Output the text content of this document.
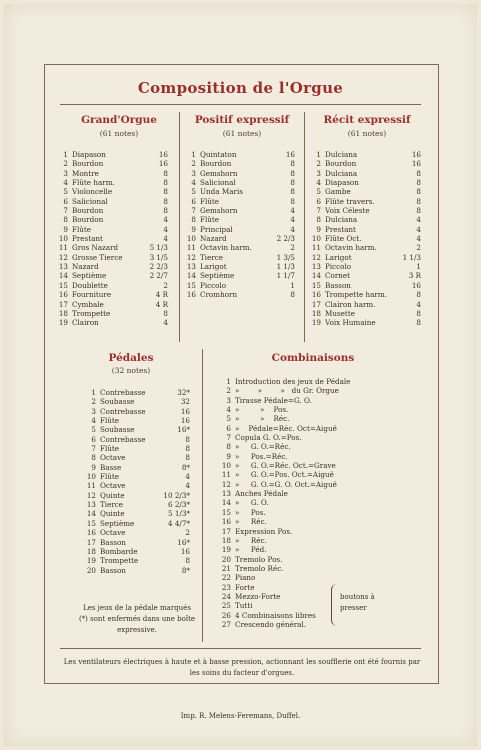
Composition de l'Orgue
Grand'Orgue
(61 notes)
1 Diapason	16
2 Bourdon	16
3 Montre	8
4 Flûte harm.	8
5 Violoncelle	8
6 Salicional	8
7 Bourdon	8
8 Bourdon	4
9 Flûte	4
10 Prestant	4
11 Gros Nazard	5 1/3
12 Grosse Tierce	3 1/5
13 Nazard	2 2/3
14 Septième	2 2/7
15 Doublette	2
16 Fourniture	4 R
17 Cymbale	4 R
18 Trompette	8
19 Clairon	4
Positif expressif
(61 notes)
1 Quintaton	16
2 Bourdon	8
3 Gemshorn	8
4 Salicional	8
5 Unda Maris	8
6 Flûte	8
7 Gemshorn	4
8 Flûte	4
9 Principal	4
10 Nazard	2 2/3
11 Octavin harm.	2
12 Tierce	1 3/5
13 Larigot	1 1/3
14 Septième	1 1/7
15 Piccolo	1
16 Cromhorn	8
Récit expressif
(61 notes)
1 Dulciana	16
2 Bourdon	16
3 Dulciana	8
4 Diapason	8
5 Gambe	8
6 Flûte travers.	8
7 Voix Céleste	8
8 Dulciana	4
9 Prestant	4
10 Flûte Oct.	4
11 Octavin harm.	2
12 Larigot	1 1/3
13 Piccolo	1
14 Cornet	3 R
15 Basson	16
16 Trompette harm.	8
17 Clairon harm.	4
18 Musette	8
19 Voix Humaine	8
Pédales
(32 notes)
1 Contrebasse	32*
2 Soubasse	32
3 Contrebasse	16
4 Flûte	16
5 Soubasse	16*
6 Contrebasse	8
7 Flûte	8
8 Octave	8
9 Basse	8*
10 Flûte	4
11 Octave	4
12 Quinte	10 2/3*
13 Tierce	6 2/3*
14 Quinte	5 1/3*
15 Septième	4 4/7*
16 Octave	2
17 Basson	16*
18 Bombarde	16
19 Trompette	8
20 Basson	8*
Les jeux de la pédale marqués (*) sont enfermés dans une boîte expressive.
Combinaisons
1 Introduction des jeux de Pédale
2 »        »        »   du Gr. Orgue
3 Tirasse Pédale=G. O.
4 »         »    Pos.
5 »         »    Réc.
6 »    Pédale=Réc. Oct=Aiguë
7 Copula G. O.=Pos.
8 »     G. O.=Réc.
9 »     Pos.=Réc.
10 »     G. O.=Réc. Oct.=Grave
11 »     G. O.=Pos. Oct.=Aiguë
12 »     G. O.=G. O. Oct.=Aiguë
13 Anches Pédale
14 »     G. O.
15 »     Pos.
16 »     Réc.
17 Expression Pos.
18 »     Réc.
19 »     Péd.
20 Tremolo Pos.
21 Tremolo Réc.
22 Piano
23 Forte
24 Mezzo-Forte
25 Tutti
26 4 Combinaisons libres
27 Crescendo général.
boutons à presser
Les ventilateurs électriques à haute et à basse pression, actionnant les soufflerie ont été fournis par les soins du facteur d'orgues.
Imp. R. Melens-Feremans, Duffel.
